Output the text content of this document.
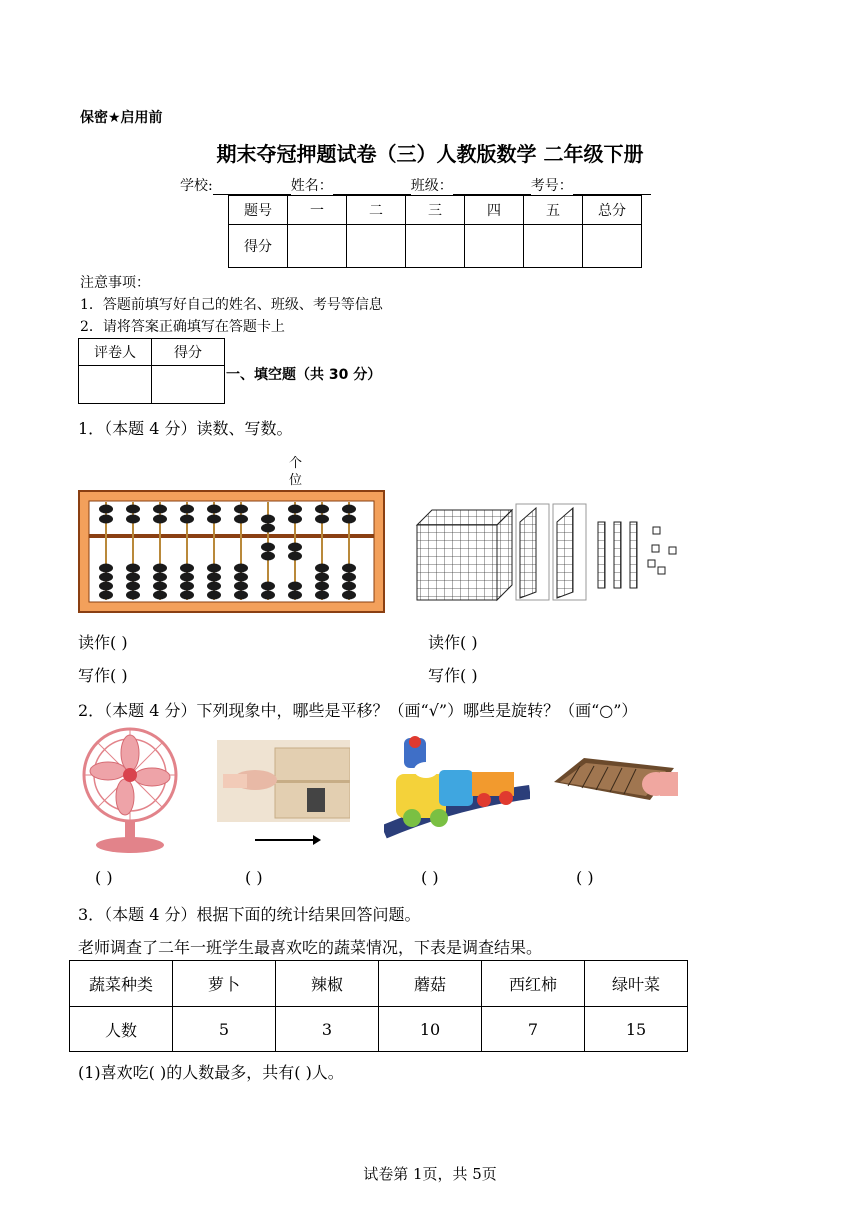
保密★启用前
期末夺冠押题试卷（三）人教版数学 二年级下册
学校:	姓名：	班级：	考号：
题号	一	二	三	四	五	总分
得分						
注意事项：
1．答题前填写好自己的姓名、班级、考号等信息
2．请将答案正确填写在答题卡上
评卷人	得分

一、填空题（共 30 分）
1．（本题 4 分）读数、写数。
个
位
读作( )	读作( )
写作( )	写作( )
2．（本题 4 分）下列现象中，哪些是平移？（画“√”）哪些是旋转？（画“○”）
( )	( )	( )	( )
3．（本题 4 分）根据下面的统计结果回答问题。
老师调查了二年一班学生最喜欢吃的蔬菜情况，下表是调查结果。
蔬菜种类	萝卜	辣椒	蘑菇	西红柿	绿叶菜
人数	5	3	10	7	15
(1)喜欢吃( )的人数最多，共有( )人。
试卷第 1页，共 5页
